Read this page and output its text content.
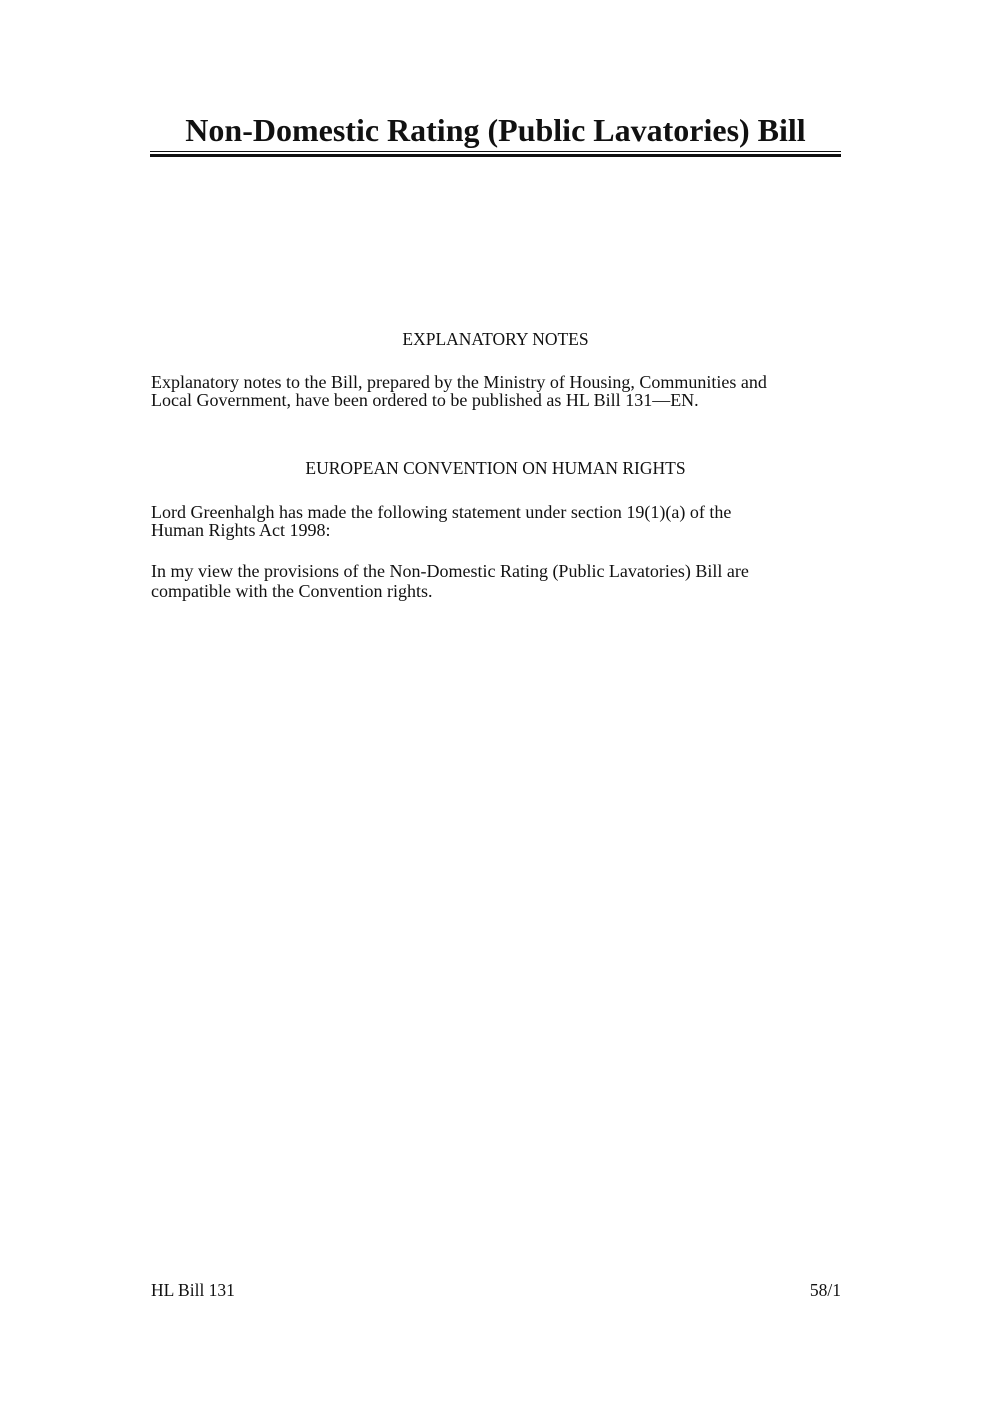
Non-Domestic Rating (Public Lavatories) Bill
EXPLANATORY NOTES
Explanatory notes to the Bill, prepared by the Ministry of Housing, Communities and
Local Government, have been ordered to be published as HL Bill 131—EN.
EUROPEAN CONVENTION ON HUMAN RIGHTS
Lord Greenhalgh has made the following statement under section 19(1)(a) of the
Human Rights Act 1998:
In my view the provisions of the Non-Domestic Rating (Public Lavatories) Bill are
compatible with the Convention rights.
HL Bill 131	58/1
